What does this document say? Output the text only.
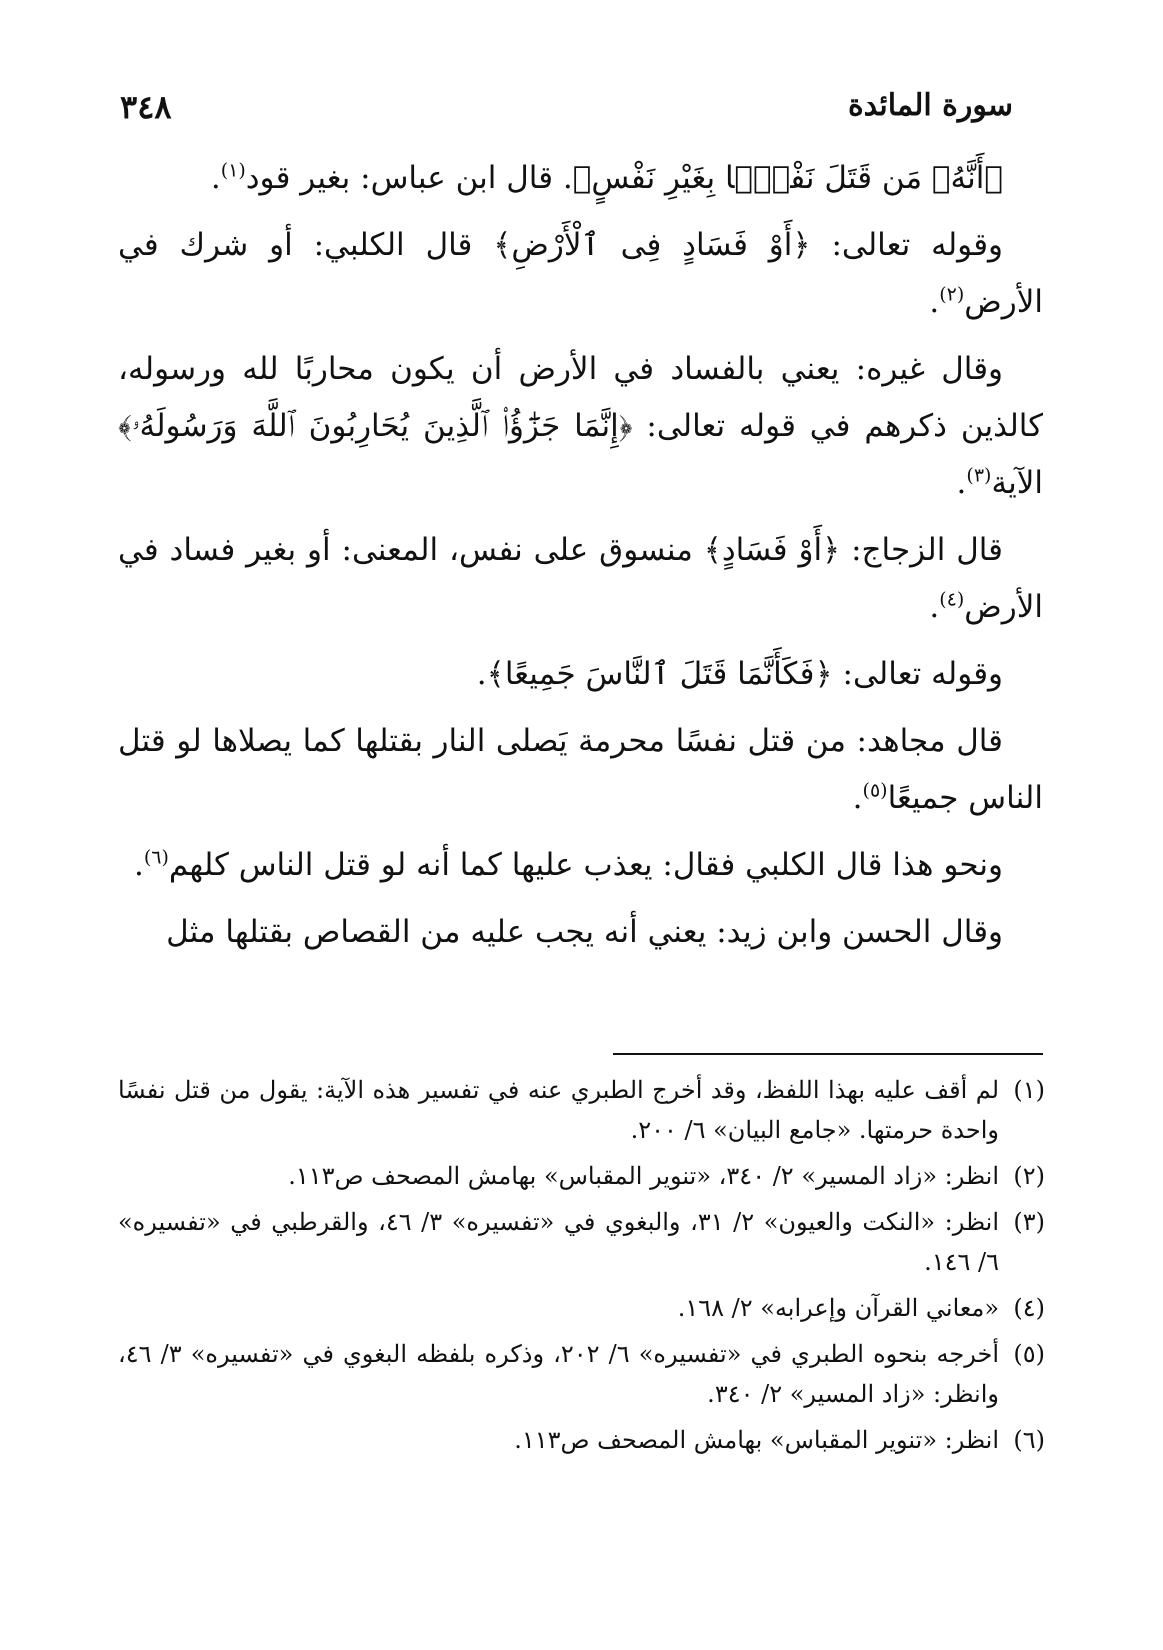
سورة المائدة
٣٤٨

﴿أَنَّهُۥ مَن قَتَلَ نَفْسًۢا بِغَيْرِ نَفْسٍ﴾. قال ابن عباس: بغير قود$^{(١)}$.

وقوله تعالى: ﴿أَوْ فَسَادٍ فِى ٱلْأَرْضِ﴾ قال الكلبي: أو شرك في الأرض$^{(٢)}$.

وقال غيره: يعني بالفساد في الأرض أن يكون محاربًا لله ورسوله، كالذين ذكرهم في قوله تعالى: ﴿إِنَّمَا جَزَٰٓؤُا۟ ٱلَّذِينَ يُحَارِبُونَ ٱللَّهَ وَرَسُولَهُۥ﴾ الآية$^{(٣)}$.

قال الزجاج: ﴿أَوْ فَسَادٍ﴾ منسوق على نفس، المعنى: أو بغير فساد في الأرض$^{(٤)}$.

وقوله تعالى: ﴿فَكَأَنَّمَا قَتَلَ ٱلنَّاسَ جَمِيعًا﴾.

قال مجاهد: من قتل نفسًا محرمة يَصلى النار بقتلها كما يصلاها لو قتل الناس جميعًا$^{(٥)}$.

ونحو هذا قال الكلبي فقال: يعذب عليها كما أنه لو قتل الناس كلهم$^{(٦)}$.

وقال الحسن وابن زيد: يعني أنه يجب عليه من القصاص بقتلها مثل

(١)
لم أقف عليه بهذا اللفظ، وقد أخرج الطبري عنه في تفسير هذه الآية: يقول من قتل نفسًا واحدة حرمتها. «جامع البيان» ٦/ ٢٠٠.
(٢)
انظر: «زاد المسير» ٢/ ٣٤٠، «تنوير المقباس» بهامش المصحف ص١١٣.
(٣)
انظر: «النكت والعيون» ٢/ ٣١، والبغوي في «تفسيره» ٣/ ٤٦، والقرطبي في «تفسيره» ٦/ ١٤٦.
(٤)
«معاني القرآن وإعرابه» ٢/ ١٦٨.
(٥)
أخرجه بنحوه الطبري في «تفسيره» ٦/ ٢٠٢، وذكره بلفظه البغوي في «تفسيره» ٣/ ٤٦، وانظر: «زاد المسير» ٢/ ٣٤٠.
(٦)
انظر: «تنوير المقباس» بهامش المصحف ص١١٣.
